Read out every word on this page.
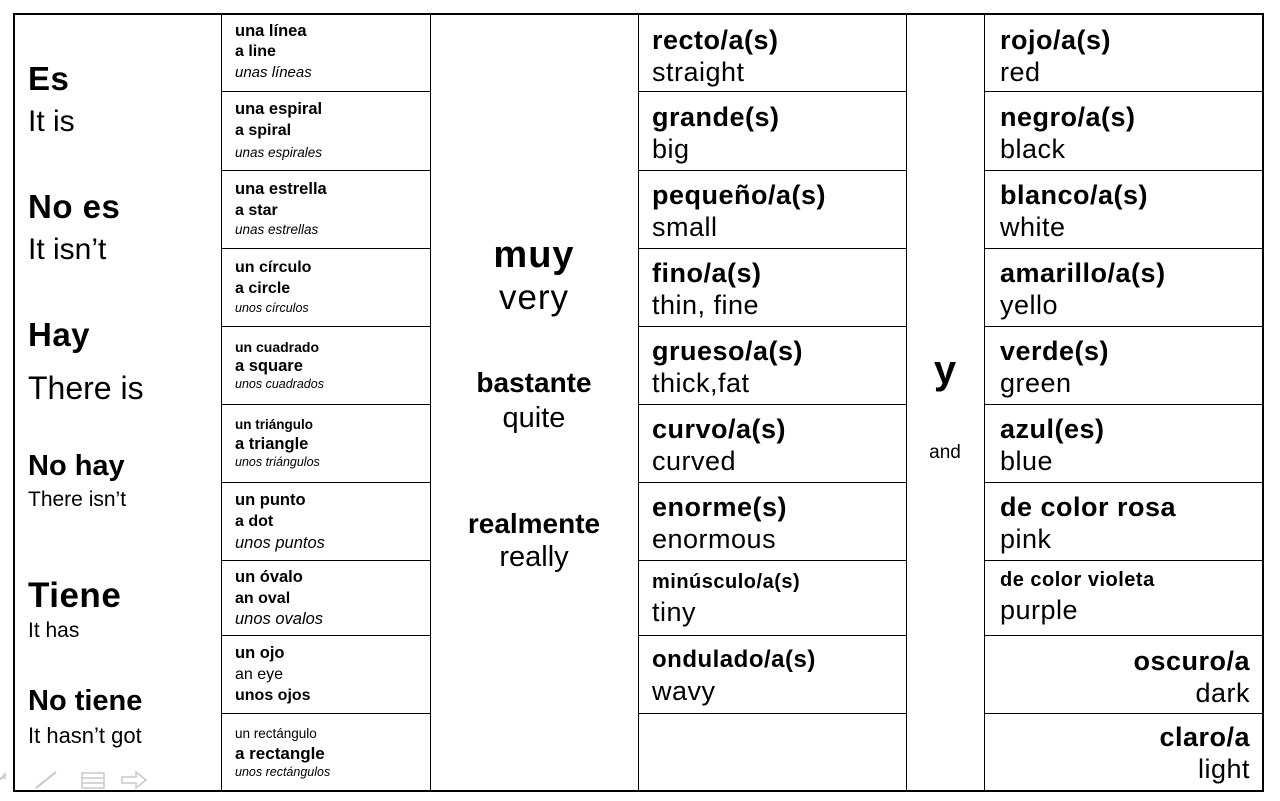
Es
It is
No es
It isn’t
Hay
There is
No hay
There isn’t
Tiene
It has
No tiene
It hasn’t got
una línea
a line
unas líneas
una espiral
a spiral
unas espirales
una estrella
a star
unas estrellas
un círculo
a circle
unos círculos
un cuadrado
a square
unos cuadrados
un triángulo
a triangle
unos triángulos
un punto
a dot
unos puntos
un óvalo
an oval
unos ovalos
un ojo
an eye
unos ojos
un rectángulo
a rectangle
unos rectángulos
muy
very
bastante
quite
realmente
really
recto/a(s)
straight
grande(s)
big
pequeño/a(s)
small
fino/a(s)
thin, fine
grueso/a(s)
thick,fat
curvo/a(s)
curved
enorme(s)
enormous
minúsculo/a(s)
tiny
ondulado/a(s)
wavy
y
and
rojo/a(s)
red
negro/a(s)
black
blanco/a(s)
white
amarillo/a(s)
yello
verde(s)
green
azul(es)
blue
de color rosa
pink
de color violeta
purple
oscuro/a
dark
claro/a
light
